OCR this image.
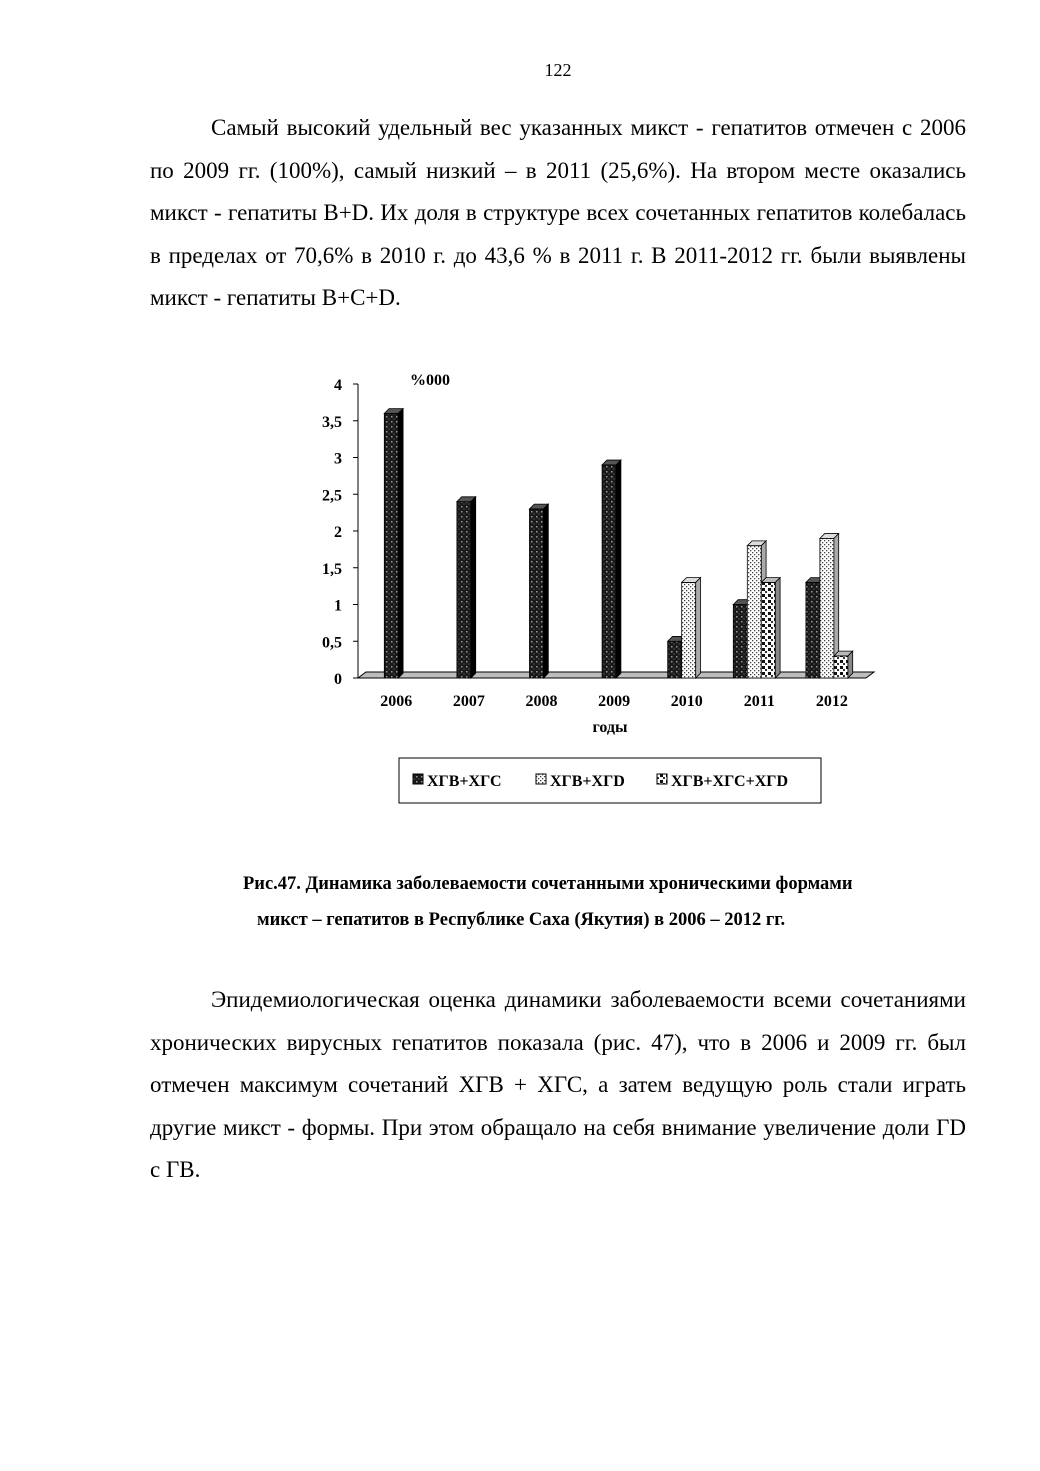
122

Самый высокий удельный вес указанных микст - гепатитов отмечен с 2006 по 2009 гг. (100%), самый низкий – в 2011 (25,6%). На втором месте оказались микст - гепатиты В+D. Их доля в структуре всех сочетанных гепатитов колебалась в пределах от 70,6% в 2010 г. до 43,6 % в 2011 г. В 2011-2012 гг. были выявлены микст - гепатиты В+С+D.

0
0,5
1
1,5
2
2,5
3
3,5
4	%000
2006	2007	2008	2009	2010	2011	2012
годы
ХГВ+ХГС	ХГВ+ХГD	ХГВ+ХГС+ХГD
Рис.47. Динамика заболеваемости сочетанными хроническими формами
микст – гепатитов в Республике Саха (Якутия) в 2006 – 2012 гг.

Эпидемиологическая оценка динамики заболеваемости всеми сочетаниями хронических вирусных гепатитов показала (рис. 47), что в 2006 и 2009 гг. был отмечен максимум сочетаний ХГВ + ХГС, а затем ведущую роль стали играть другие микст - формы. При этом обращало на себя внимание увеличение доли ГD с ГВ.
